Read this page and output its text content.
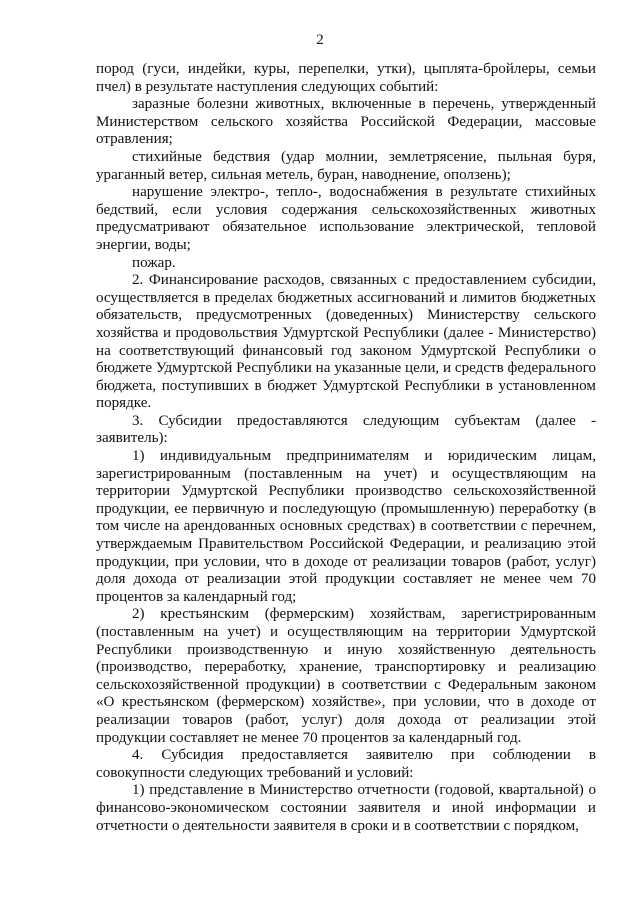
2

пород (гуси, индейки, куры, перепелки, утки), цыплята-бройлеры, семьи пчел) в результате наступления следующих событий:

заразные болезни животных, включенные в перечень, утвержденный Министерством сельского хозяйства Российской Федерации, массовые отравления;

стихийные бедствия (удар молнии, землетрясение, пыльная буря, ураганный ветер, сильная метель, буран, наводнение, оползень);

нарушение электро-, тепло-, водоснабжения в результате стихийных бедствий, если условия содержания сельскохозяйственных животных предусматривают обязательное использование электрической, тепловой энергии, воды;

пожар.

2. Финансирование расходов, связанных с предоставлением субсидии, осуществляется в пределах бюджетных ассигнований и лимитов бюджетных обязательств, предусмотренных (доведенных) Министерству сельского хозяйства и продовольствия Удмуртской Республики (далее - Министерство) на соответствующий финансовый год законом Удмуртской Республики о бюджете Удмуртской Республики на указанные цели, и средств федерального бюджета, поступивших в бюджет Удмуртской Республики в установленном порядке.

3. Субсидии предоставляются следующим субъектам (далее - заявитель):

1) индивидуальным предпринимателям и юридическим лицам, зарегистрированным (поставленным на учет) и осуществляющим на территории Удмуртской Республики производство сельскохозяйственной продукции, ее первичную и последующую (промышленную) переработку (в том числе на арендованных основных средствах) в соответствии с перечнем, утверждаемым Правительством Российской Федерации, и реализацию этой продукции, при условии, что в доходе от реализации товаров (работ, услуг) доля дохода от реализации этой продукции составляет не менее чем 70 процентов за календарный год;

2) крестьянским (фермерским) хозяйствам, зарегистрированным (поставленным на учет) и осуществляющим на территории Удмуртской Республики производственную и иную хозяйственную деятельность (производство, переработку, хранение, транспортировку и реализацию сельскохозяйственной продукции) в соответствии с Федеральным законом «О крестьянском (фермерском) хозяйстве», при условии, что в доходе от реализации товаров (работ, услуг) доля дохода от реализации этой продукции составляет не менее 70 процентов за календарный год.

4. Субсидия предоставляется заявителю при соблюдении в совокупности следующих требований и условий:

1) представление в Министерство отчетности (годовой, квартальной) о финансово-экономическом состоянии заявителя и иной информации и отчетности о деятельности заявителя в сроки и в соответствии с порядком,
